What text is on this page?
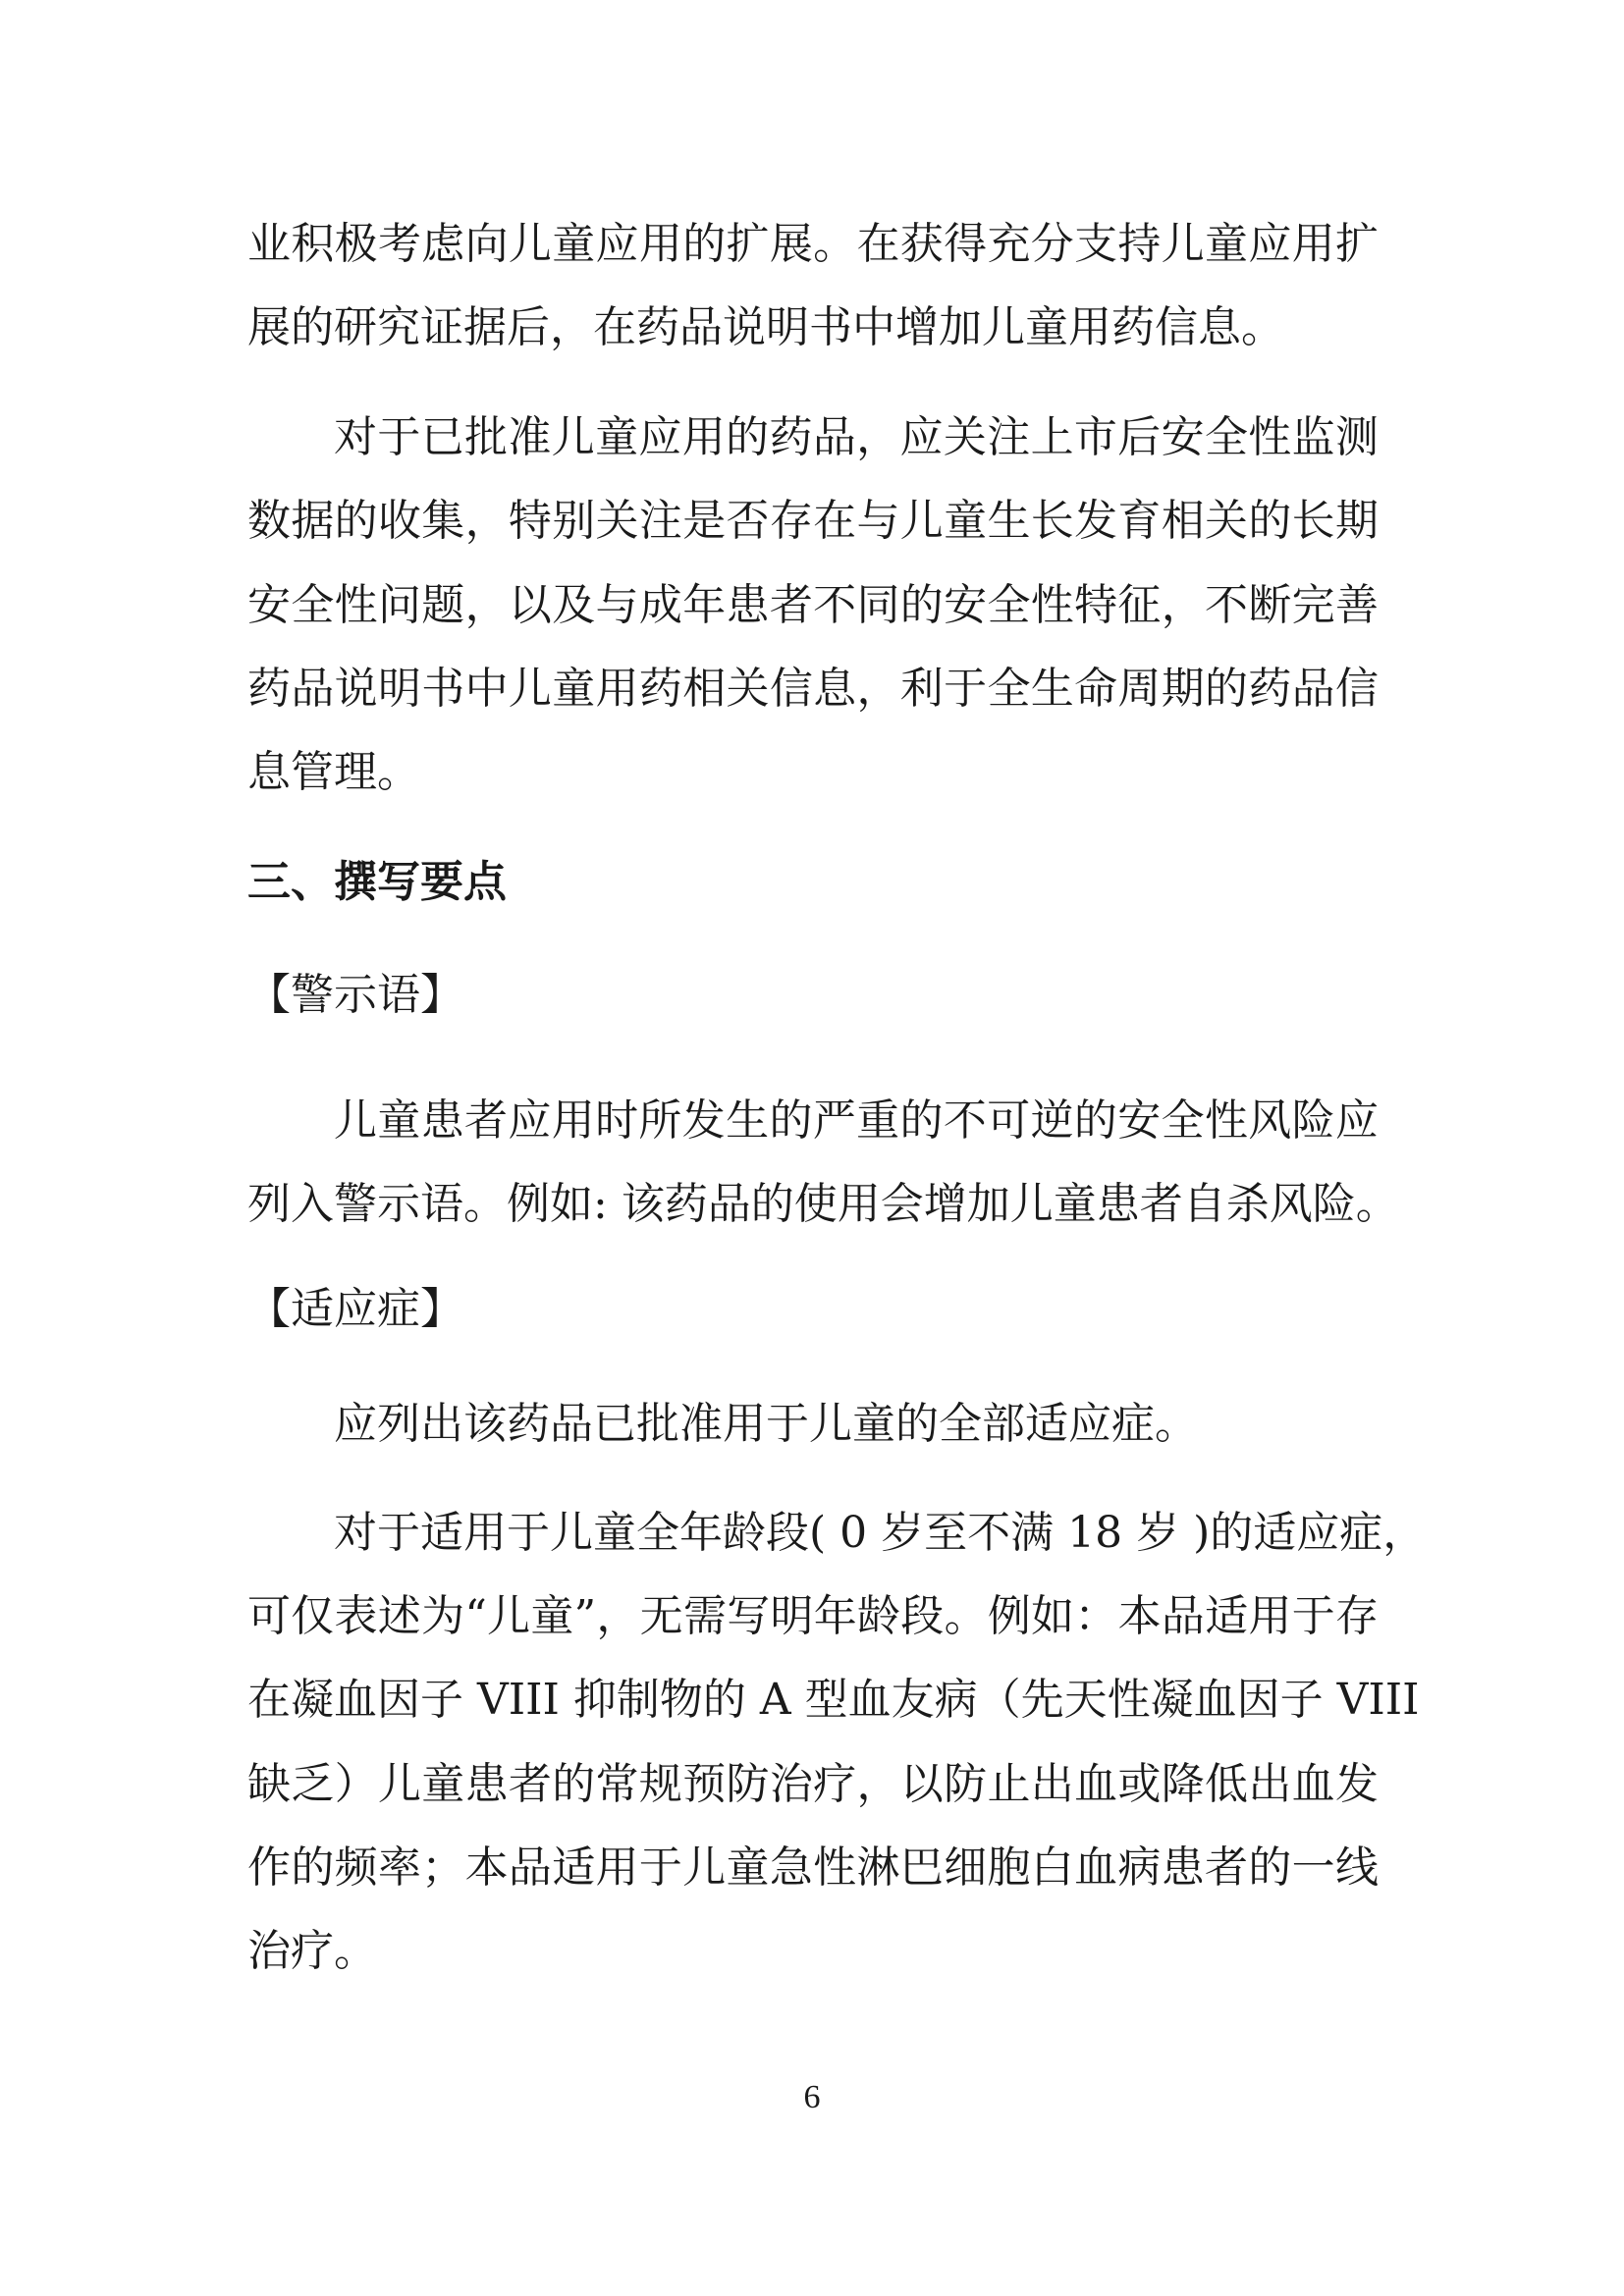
业积极考虑向儿童应用的扩展。在获得充分支持儿童应用扩
展的研究证据后，在药品说明书中增加儿童用药信息。
对于已批准儿童应用的药品，应关注上市后安全性监测
数据的收集，特别关注是否存在与儿童生长发育相关的长期
安全性问题，以及与成年患者不同的安全性特征，不断完善
药品说明书中儿童用药相关信息，利于全生命周期的药品信
息管理。
三、撰写要点
【警示语】
儿童患者应用时所发生的严重的不可逆的安全性风险应
列入警示语。例如: 该药品的使用会增加儿童患者自杀风险。
【适应症】
应列出该药品已批准用于儿童的全部适应症。
对于适用于儿童全年龄段( 0 岁至不满 18 岁 )的适应症，
可仅表述为“儿童”，无需写明年龄段。例如：本品适用于存
在凝血因子 VIII 抑制物的 A 型血友病（先天性凝血因子 VIII
缺乏）儿童患者的常规预防治疗，以防止出血或降低出血发
作的频率；本品适用于儿童急性淋巴细胞白血病患者的一线
治疗。
6
